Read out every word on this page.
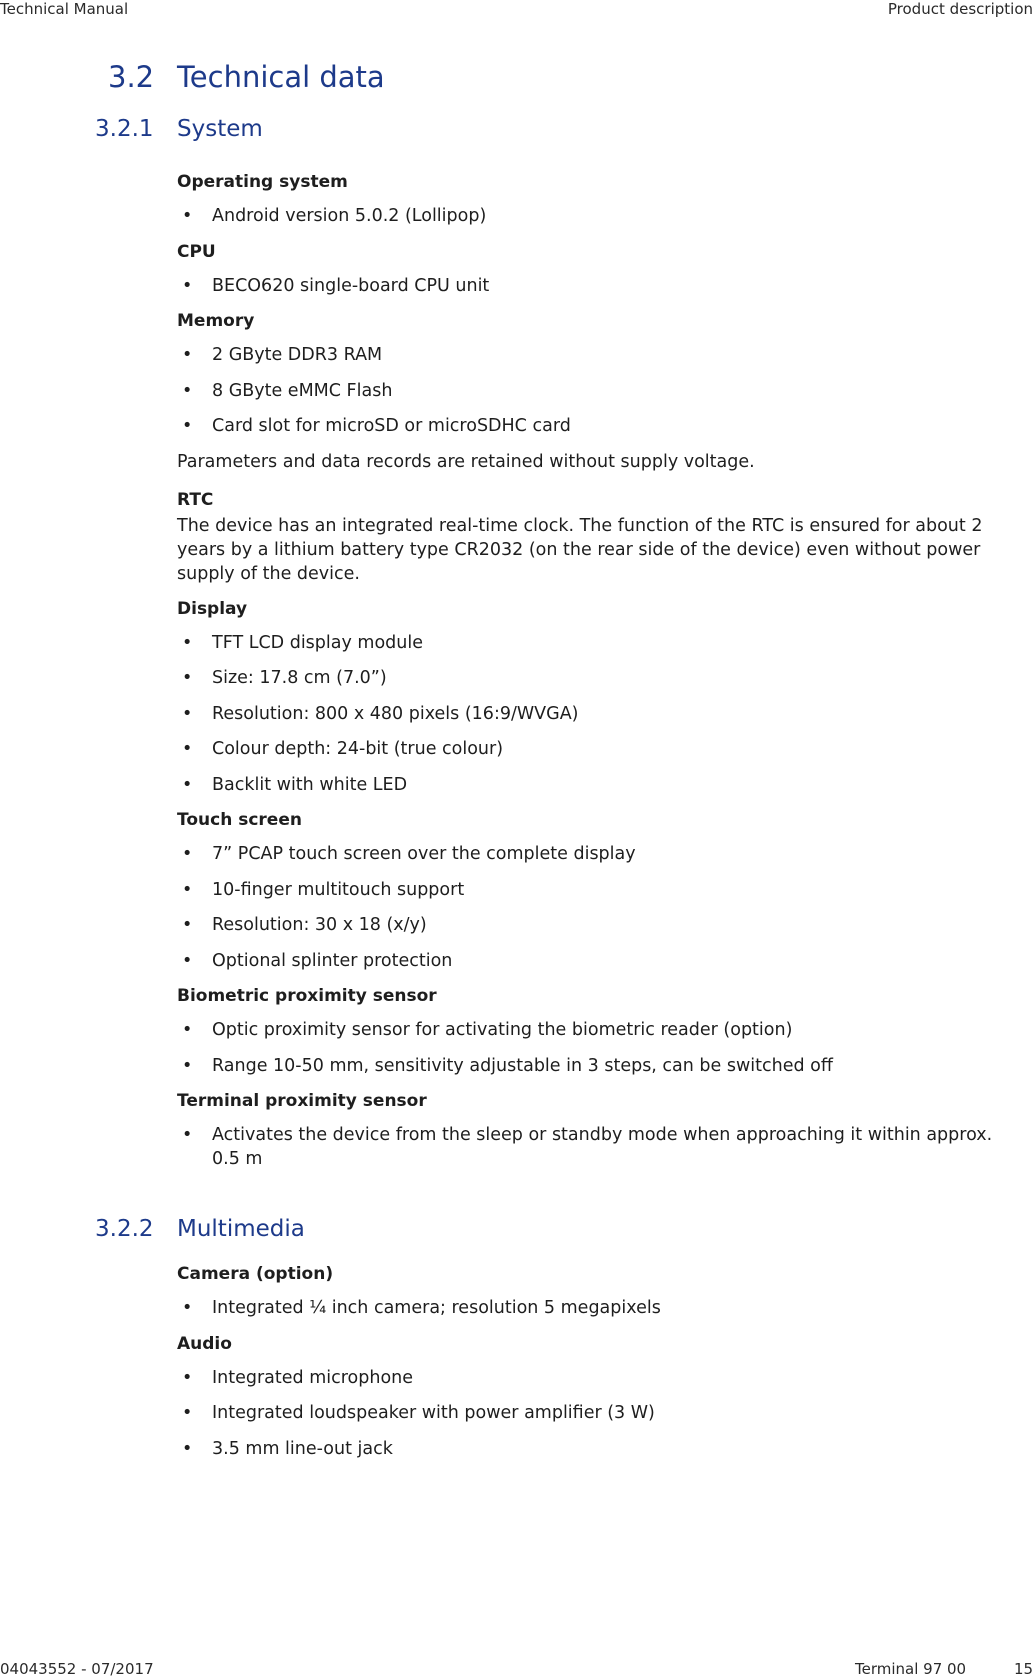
Technical Manual	Product description
3.2 Technical data
3.2.1 System
Operating system
• Android version 5.0.2 (Lollipop)
CPU
• BECO620 single-board CPU unit
Memory
• 2 GByte DDR3 RAM
• 8 GByte eMMC Flash
• Card slot for microSD or microSDHC card
Parameters and data records are retained without supply voltage.
RTC
The device has an integrated real-time clock. The function of the RTC is ensured for about 2 years by a lithium battery type CR2032 (on the rear side of the device) even without power supply of the device.
Display
• TFT LCD display module
• Size: 17.8 cm (7.0”)
• Resolution: 800 x 480 pixels (16:9/WVGA)
• Colour depth: 24-bit (true colour)
• Backlit with white LED
Touch screen
• 7” PCAP touch screen over the complete display
• 10-finger multitouch support
• Resolution: 30 x 18 (x/y)
• Optional splinter protection
Biometric proximity sensor
• Optic proximity sensor for activating the biometric reader (option)
• Range 10-50 mm, sensitivity adjustable in 3 steps, can be switched off
Terminal proximity sensor
• Activates the device from the sleep or standby mode when approaching it within approx. 0.5 m
3.2.2 Multimedia
Camera (option)
• Integrated ¼ inch camera; resolution 5 megapixels
Audio
• Integrated microphone
• Integrated loudspeaker with power amplifier (3 W)
• 3.5 mm line-out jack
04043552 - 07/2017	Terminal 97 00	15
